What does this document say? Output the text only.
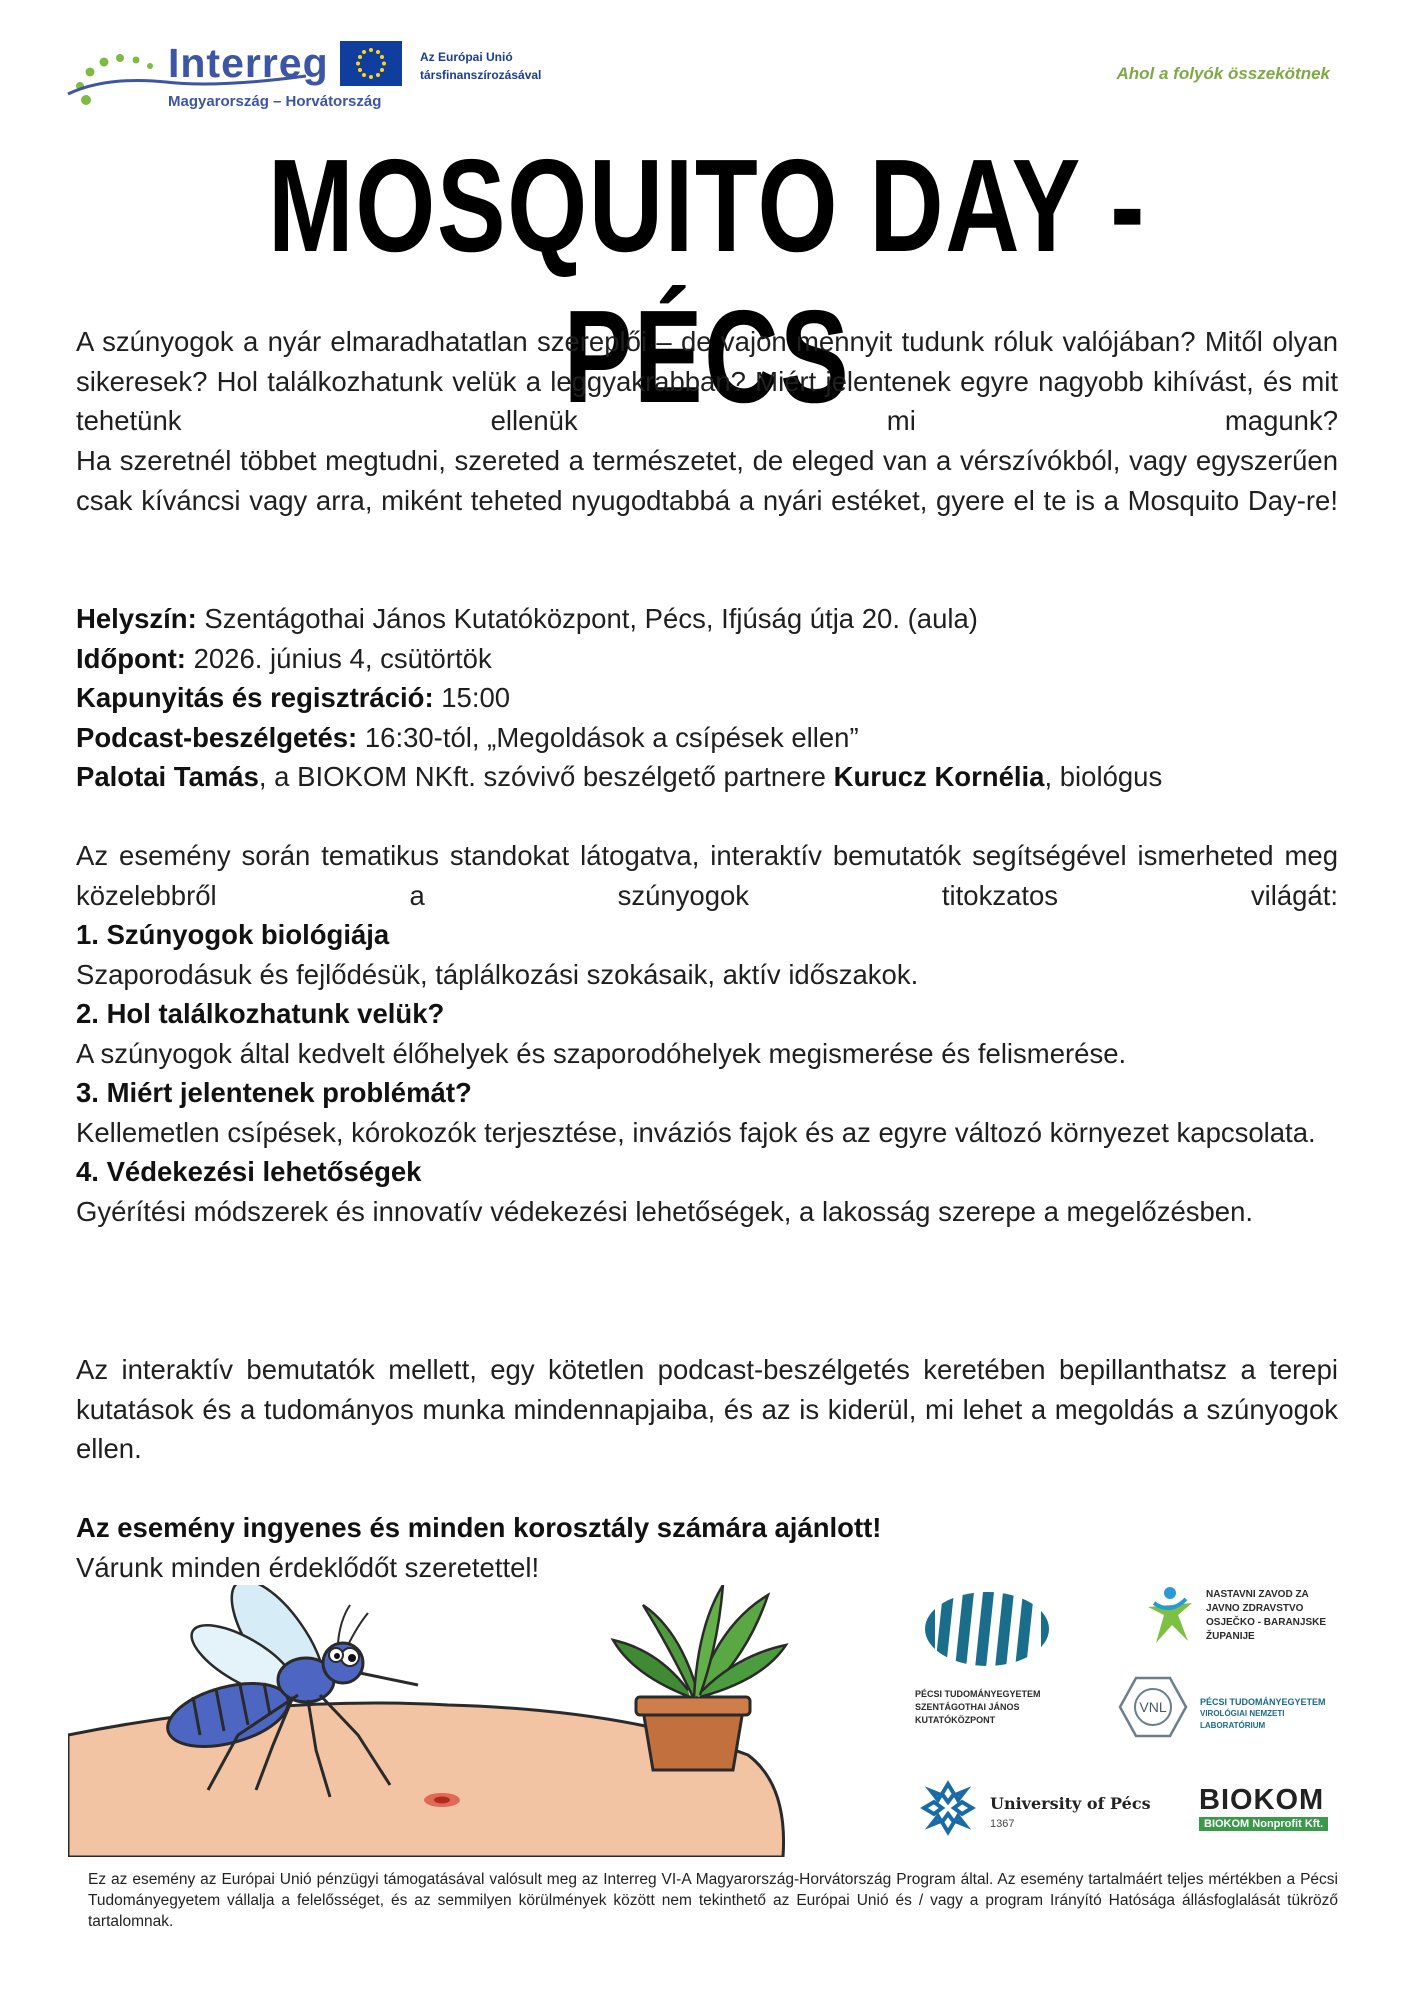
Interreg
Magyarország – Horvátország
Az Európai Unió
társfinanszírozásával	Ahol a folyók összekötnek
MOSQUITO DAY - PÉCS

A szúnyogok a nyár elmaradhatatlan szereplői – de vajon mennyit tudunk róluk valójában? Mitől olyan sikeresek? Hol találkozhatunk velük a leggyakrabban? Miért jelentenek egyre nagyobb kihívást, és mit tehetünk ellenük mi magunk?

Ha szeretnél többet megtudni, szereted a természetet, de eleged van a vérszívókból, vagy egyszerűen csak kíváncsi vagy arra, miként teheted nyugodtabbá a nyári estéket, gyere el te is a Mosquito Day-re!

Helyszín: Szentágothai János Kutatóközpont, Pécs, Ifjúság útja 20. (aula)
Időpont: 2026. június 4, csütörtök
Kapunyitás és regisztráció: 15:00
Podcast-beszélgetés: 16:30-tól, „Megoldások a csípések ellen”
Palotai Tamás, a BIOKOM NKft. szóvivő beszélgető partnere Kurucz Kornélia, biológus

Az esemény során tematikus standokat látogatva, interaktív bemutatók segítségével ismerheted meg közelebbről a szúnyogok titokzatos világát:

1. Szúnyogok biológiája
Szaporodásuk és fejlődésük, táplálkozási szokásaik, aktív időszakok.
2. Hol találkozhatunk velük?
A szúnyogok által kedvelt élőhelyek és szaporodóhelyek megismerése és felismerése.
3. Miért jelentenek problémát?
Kellemetlen csípések, kórokozók terjesztése, inváziós fajok és az egyre változó környezet kapcsolata.
4. Védekezési lehetőségek
Gyérítési módszerek és innovatív védekezési lehetőségek, a lakosság szerepe a megelőzésben.

Az interaktív bemutatók mellett, egy kötetlen podcast-beszélgetés keretében bepillanthatsz a terepi kutatások és a tudományos munka mindennapjaiba, és az is kiderül, mi lehet a megoldás a szúnyogok ellen.

Az esemény ingyenes és minden korosztály számára ajánlott!
Várunk minden érdeklődőt szeretettel!
PÉCSI TUDOMÁNYEGYETEM
SZENTÁGOTHAI JÁNOS
KUTATÓKÖZPONT
NASTAVNI ZAVOD ZA
JAVNO ZDRAVSTVO
OSJEČKO - BARANJSKE
ŽUPANIJE
VNL	PÉCSI TUDOMÁNYEGYETEM
VIROLÓGIAI NEMZETI LABORATÓRIUM
University of Pécs
1367
BIOKOM
BIOKOM Nonprofit Kft.
Ez az esemény az Európai Unió pénzügyi támogatásával valósult meg az Interreg VI-A Magyarország-Horvátország Program által. Az esemény tartalmáért teljes mértékben a Pécsi Tudományegyetem vállalja a felelősséget, és az semmilyen körülmények között nem tekinthető az Európai Unió és / vagy a program Irányító Hatósága állásfoglalását tükröző tartalomnak.
